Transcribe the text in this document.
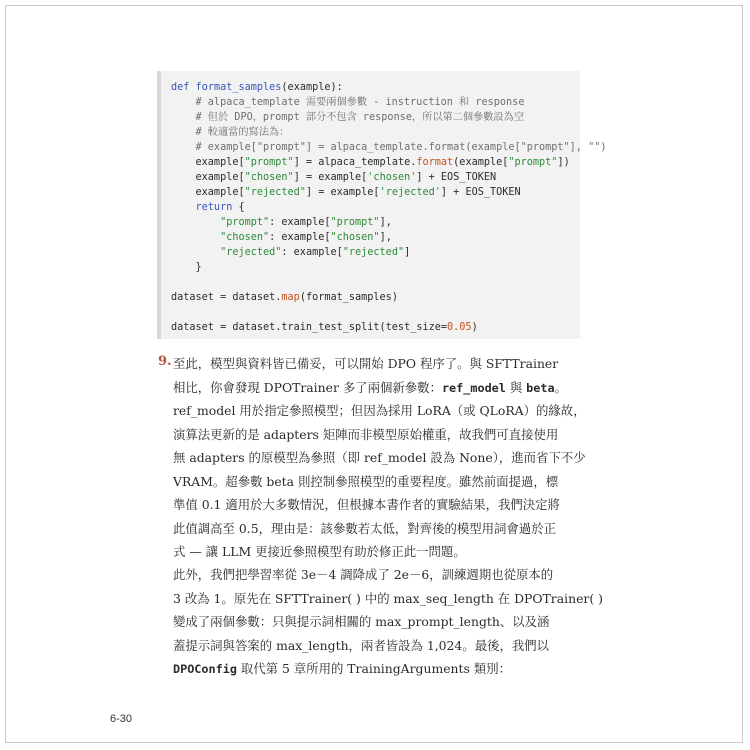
def format_samples(example):
# alpaca_template 需要兩個參數 - instruction 和 response
# 但於 DPO，prompt 部分不包含 response，所以第二個參數設為空
# 較適當的寫法為：
# example["prompt"] = alpaca_template.format(example["prompt"], "")
example["prompt"] = alpaca_template.format(example["prompt"])
example["chosen"] = example['chosen'] + EOS_TOKEN
example["rejected"] = example['rejected'] + EOS_TOKEN
return {
"prompt": example["prompt"],
"chosen": example["chosen"],
"rejected": example["rejected"]
}
dataset = dataset.map(format_samples)
dataset = dataset.train_test_split(test_size=0.05)
9. 至此，模型與資料皆已備妥，可以開始 DPO 程序了。與 SFTTrainer
相比，你會發現 DPOTrainer 多了兩個新參數：ref_model 與 beta。
ref_model 用於指定參照模型；但因為採用 LoRA（或 QLoRA）的緣故，
演算法更新的是 adapters 矩陣而非模型原始權重，故我們可直接使用
無 adapters 的原模型為參照（即 ref_model 設為 None），進而省下不少
VRAM。超參數 beta 則控制參照模型的重要程度。雖然前面提過，標
準值 0.1 適用於大多數情況，但根據本書作者的實驗結果，我們決定將
此值調高至 0.5，理由是：該參數若太低，對齊後的模型用詞會過於正
式 — 讓 LLM 更接近參照模型有助於修正此一問題。
此外，我們把學習率從 3e－4 調降成了 2e－6，訓練週期也從原本的
3 改為 1。原先在 SFTTrainer( ) 中的 max_seq_length 在 DPOTrainer( )
變成了兩個參數：只與提示詞相關的 max_prompt_length、以及涵
蓋提示詞與答案的 max_length，兩者皆設為 1,024。最後，我們以
DPOConfig 取代第 5 章所用的 TrainingArguments 類別：
6-30
